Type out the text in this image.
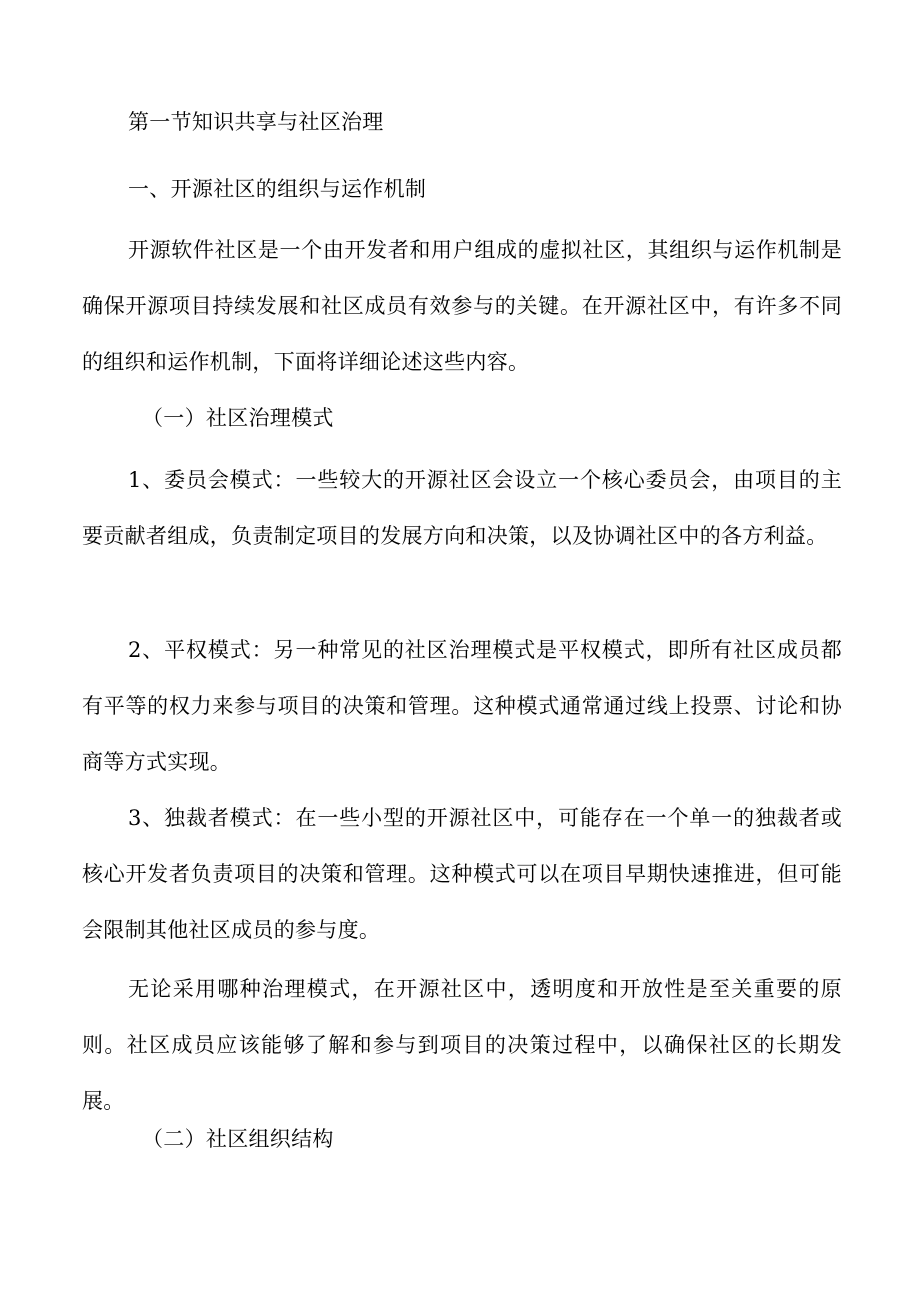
第一节知识共享与社区治理
一、开源社区的组织与运作机制
开源软件社区是一个由开发者和用户组成的虚拟社区，其组织与运作机制是确保开源项目持续发展和社区成员有效参与的关键。在开源社区中，有许多不同的组织和运作机制，下面将详细论述这些内容。
（一）社区治理模式
1、委员会模式：一些较大的开源社区会设立一个核心委员会，由项目的主要贡献者组成，负责制定项目的发展方向和决策，以及协调社区中的各方利益。
2、平权模式：另一种常见的社区治理模式是平权模式，即所有社区成员都有平等的权力来参与项目的决策和管理。这种模式通常通过线上投票、讨论和协商等方式实现。
3、独裁者模式：在一些小型的开源社区中，可能存在一个单一的独裁者或核心开发者负责项目的决策和管理。这种模式可以在项目早期快速推进，但可能会限制其他社区成员的参与度。
无论采用哪种治理模式，在开源社区中，透明度和开放性是至关重要的原则。社区成员应该能够了解和参与到项目的决策过程中，以确保社区的长期发展。
（二）社区组织结构
